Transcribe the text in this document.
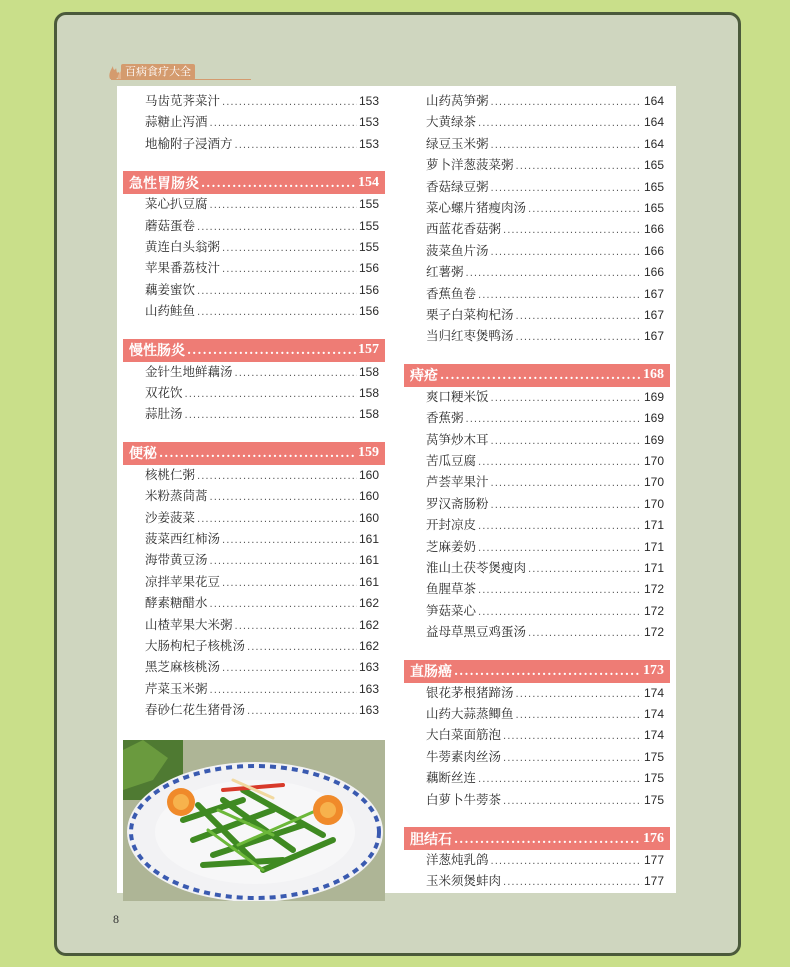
百病食疗大全
马齿苋荠菜汁 .....	153
蒜糖止泻酒 .....	153
地榆附子浸酒方 .....	153
急性胃肠炎 .....	154
菜心扒豆腐 .....	155
蘑菇蛋卷 .....	155
黄连白头翁粥 .....	155
苹果番荔枝汁 .....	156
藕姜蜜饮 .....	156
山药鲑鱼 .....	156
慢性肠炎 .....	157
金针生地鲜藕汤 .....	158
双花饮 .....	158
蒜肚汤 .....	158
便秘 .....	159
核桃仁粥 .....	160
米粉蒸茼蒿 .....	160
沙姜菠菜 .....	160
菠菜西红柿汤 .....	161
海带黄豆汤 .....	161
凉拌苹果花豆 .....	161
酵素糖醋水 .....	162
山楂苹果大米粥 .....	162
大肠枸杞子核桃汤 .....	162
黑芝麻核桃汤 .....	163
芹菜玉米粥 .....	163
春砂仁花生猪骨汤 .....	163
山药莴笋粥 .....	164
大黄绿茶 .....	164
绿豆玉米粥 .....	164
萝卜洋葱菠菜粥 .....	165
香菇绿豆粥 .....	165
菜心螺片猪瘦肉汤 .....	165
西蓝花香菇粥 .....	166
菠菜鱼片汤 .....	166
红薯粥 .....	166
香蕉鱼卷 .....	167
栗子白菜枸杞汤 .....	167
当归红枣煲鸭汤 .....	167
痔疮 .....	168
爽口粳米饭 .....	169
香蕉粥 .....	169
莴笋炒木耳 .....	169
苦瓜豆腐 .....	170
芦荟苹果汁 .....	170
罗汉斋肠粉 .....	170
开封凉皮 .....	171
芝麻姜奶 .....	171
淮山土茯苓煲瘦肉 .....	171
鱼腥草茶 .....	172
笋菇菜心 .....	172
益母草黑豆鸡蛋汤 .....	172
直肠癌 .....	173
银花茅根猪蹄汤 .....	174
山药大蒜蒸鲫鱼 .....	174
大白菜面筋泡 .....	174
牛蒡素肉丝汤 .....	175
藕断丝连 .....	175
白萝卜牛蒡茶 .....	175
胆结石 .....	176
洋葱炖乳鸽 .....	177
玉米须煲蚌肉 .....	177
8
